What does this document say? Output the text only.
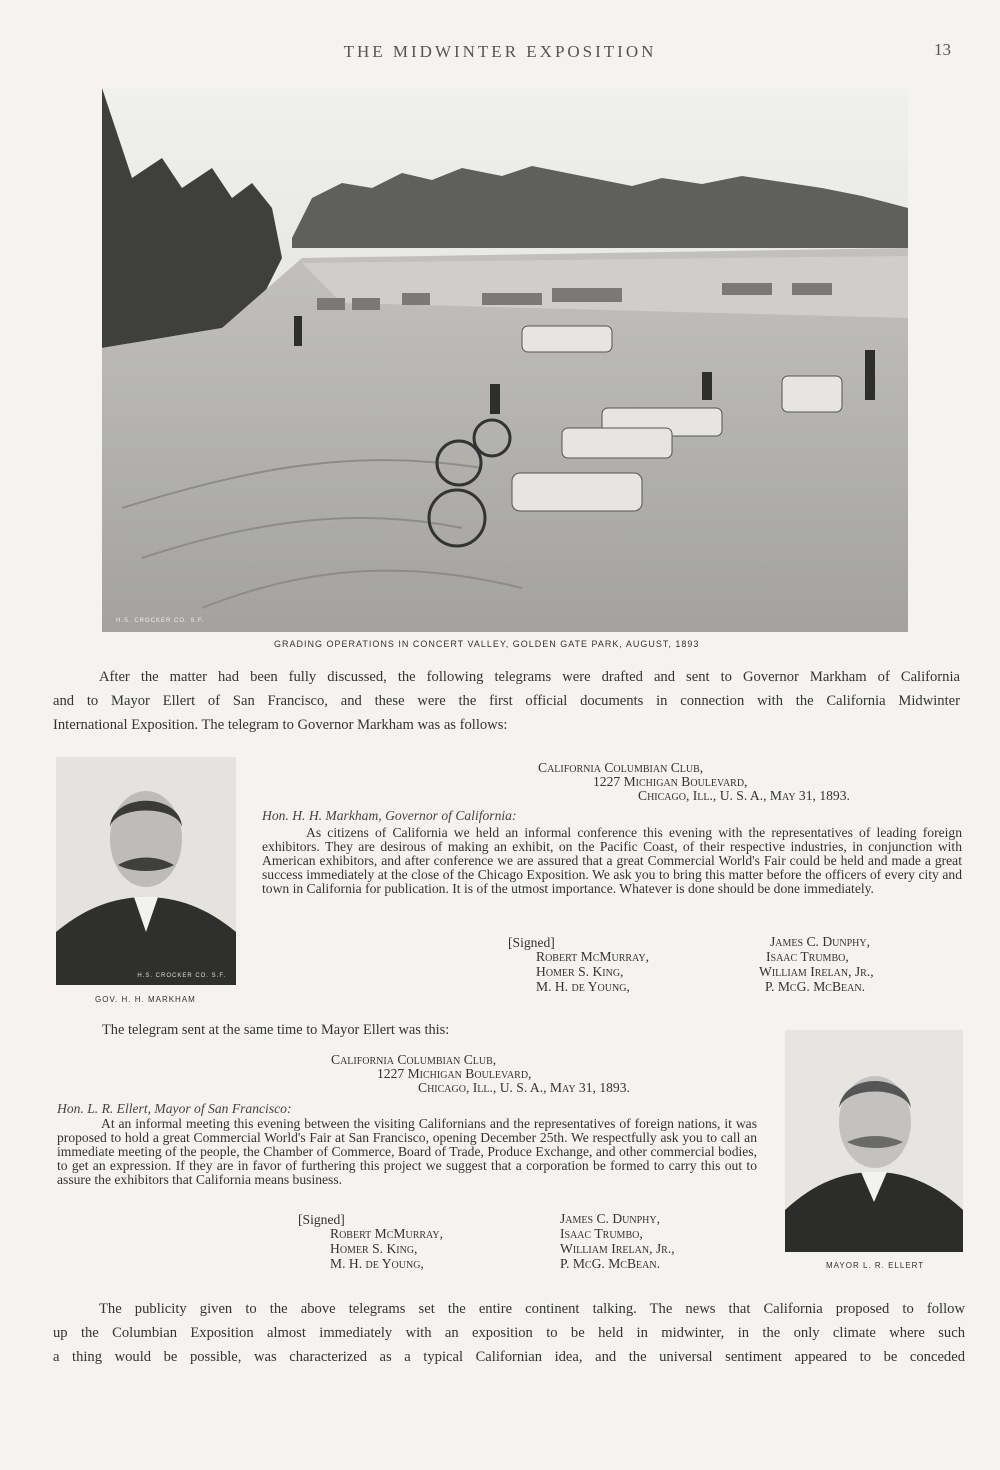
THE MIDWINTER EXPOSITION	13
H.S. CROCKER CO. S.F.
GRADING OPERATIONS IN CONCERT VALLEY, GOLDEN GATE PARK, AUGUST, 1893
After the matter had been fully discussed, the following telegrams were drafted and sent to Governor Markham of California
and to Mayor Ellert of San Francisco, and these were the first official documents in connection with the California Midwinter
International Exposition. The telegram to Governor Markham was as follows:
H.S. CROCKER CO. S.F.
GOV. H. H. MARKHAM
California Columbian Club,
1227 Michigan Boulevard,
Chicago, Ill., U. S. A., May 31, 1893.
Hon. H. H. Markham, Governor of California:
As citizens of California we held an informal conference this evening with the representatives of leading foreign exhibitors. They are desirous of making an exhibit, on the Pacific Coast, of their respective industries, in conjunction with American exhibitors, and after conference we are assured that a great Commercial World's Fair could be held and made a great success immediately at the close of the Chicago Exposition. We ask you to bring this matter before the officers of every city and town in California for publication. It is of the utmost importance. Whatever is done should be done immediately.
[Signed]
Robert McMurray,
Homer S. King,
M. H. de Young,
James C. Dunphy,
Isaac Trumbo,
William Irelan, Jr.,
P. McG. McBean.
The telegram sent at the same time to Mayor Ellert was this:
California Columbian Club,
1227 Michigan Boulevard,
Chicago, Ill., U. S. A., May 31, 1893.
Hon. L. R. Ellert, Mayor of San Francisco:
At an informal meeting this evening between the visiting Californians and the representatives of foreign nations, it was proposed to hold a great Commercial World's Fair at San Francisco, opening December 25th. We respectfully ask you to call an immediate meeting of the people, the Chamber of Commerce, Board of Trade, Produce Exchange, and other commercial bodies, to get an expression. If they are in favor of furthering this project we suggest that a corporation be formed to carry this out to assure the exhibitors that California means business.
[Signed]
Robert McMurray,
Homer S. King,
M. H. de Young,
James C. Dunphy,
Isaac Trumbo,
William Irelan, Jr.,
P. McG. McBean.	MAYOR L. R. ELLERT
The publicity given to the above telegrams set the entire continent talking. The news that California proposed to follow
up the Columbian Exposition almost immediately with an exposition to be held in midwinter, in the only climate where such
a thing would be possible, was characterized as a typical Californian idea, and the universal sentiment appeared to be conceded
